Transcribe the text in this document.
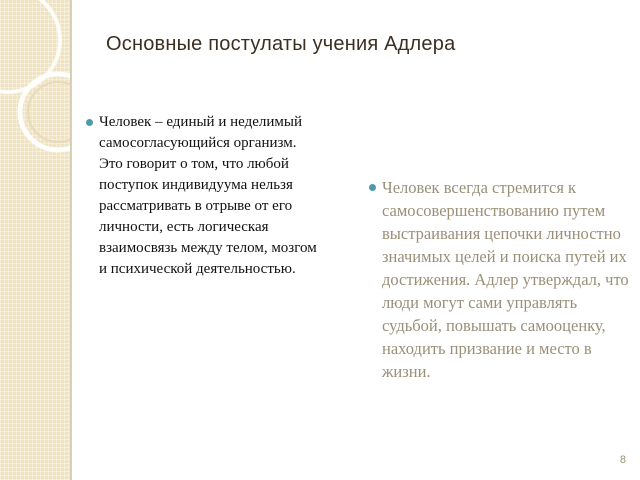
Основные постулаты учения Адлера
Человек – единый и неделимый самосогласующийся организм. Это говорит о том, что любой поступок индивидуума нельзя рассматривать в отрыве от его личности, есть логическая взаимосвязь между телом, мозгом и психической деятельностью.
Человек всегда стремится к самосовершенствованию путем выстраивания цепочки личностно значимых целей и поиска путей их достижения. Адлер утверждал, что люди могут сами управлять судьбой, повышать самооценку, находить призвание и место в жизни.
8
